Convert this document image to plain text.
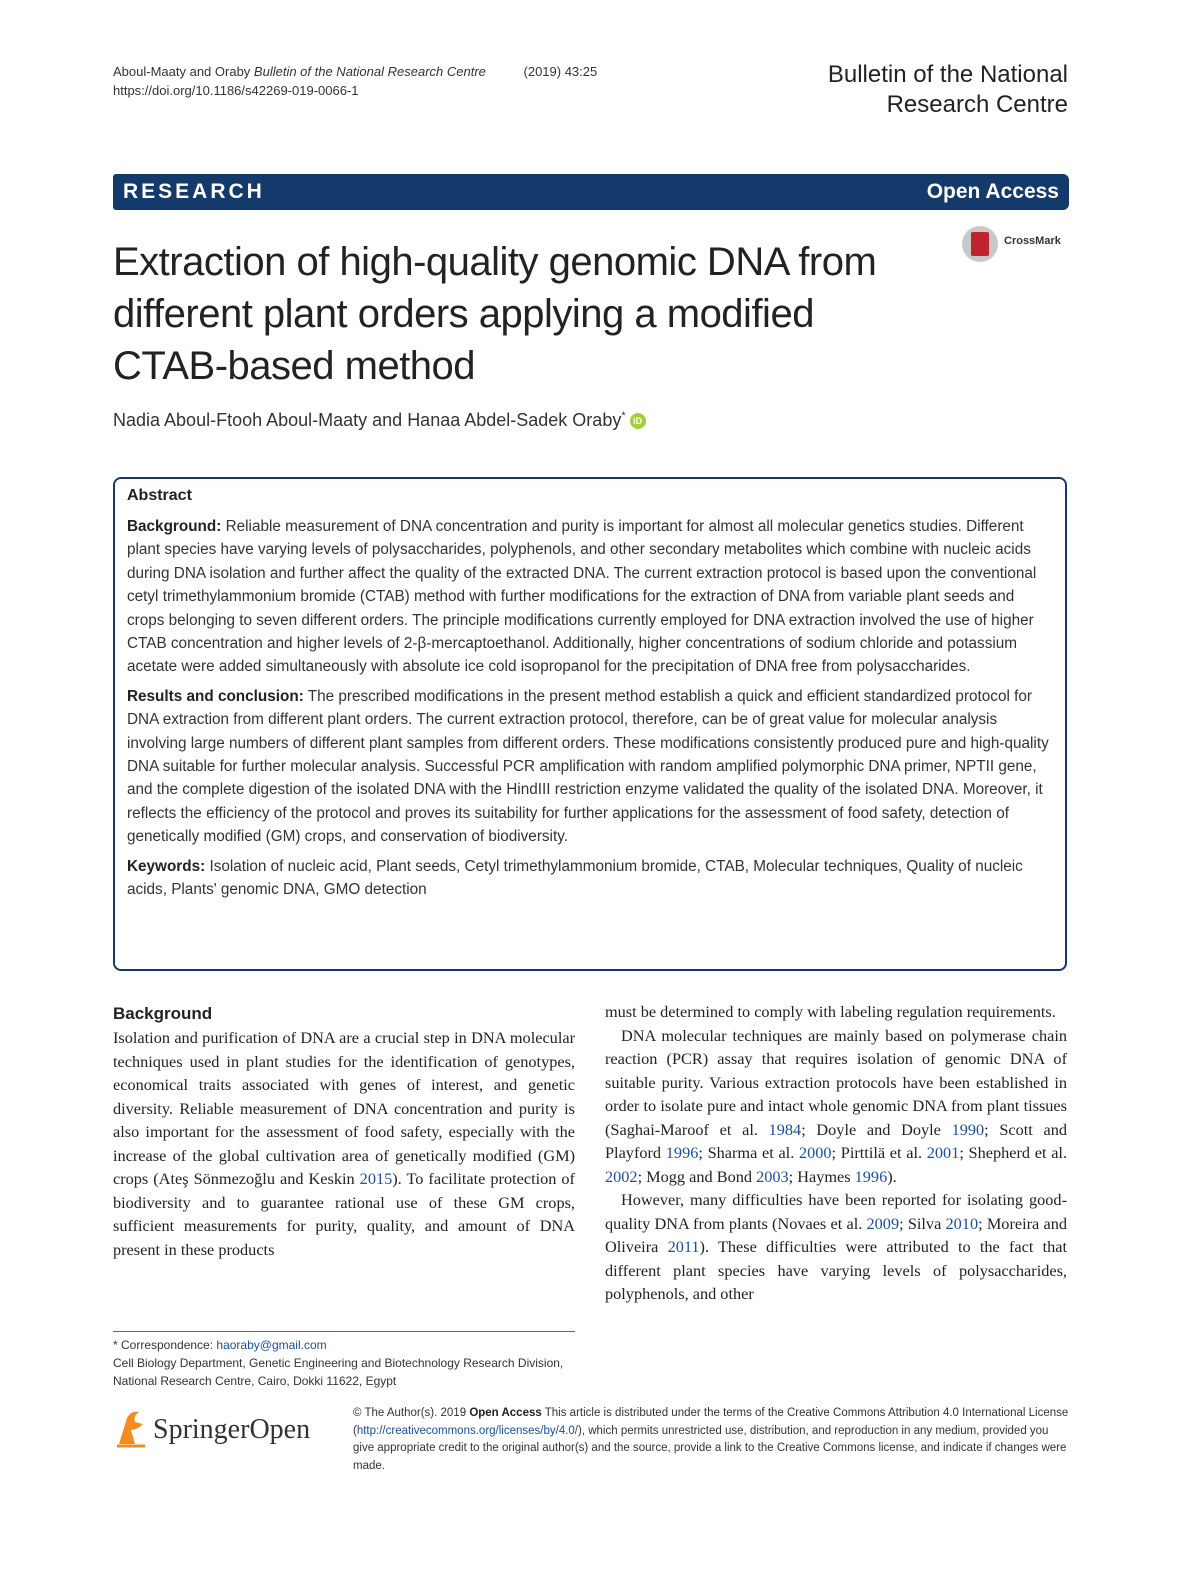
Aboul-Maaty and Oraby Bulletin of the National Research Centre	(2019) 43:25
https://doi.org/10.1186/s42269-019-0066-1
Bulletin of the National
Research Centre
RESEARCH	Open Access
Extraction of high-quality genomic DNA from different plant orders applying a modified CTAB-based method
CrossMark
Nadia Aboul-Ftooh Aboul-Maaty and Hanaa Abdel-Sadek Oraby* iD
Abstract

Background: Reliable measurement of DNA concentration and purity is important for almost all molecular genetics studies. Different plant species have varying levels of polysaccharides, polyphenols, and other secondary metabolites which combine with nucleic acids during DNA isolation and further affect the quality of the extracted DNA. The current extraction protocol is based upon the conventional cetyl trimethylammonium bromide (CTAB) method with further modifications for the extraction of DNA from variable plant seeds and crops belonging to seven different orders. The principle modifications currently employed for DNA extraction involved the use of higher CTAB concentration and higher levels of 2-β-mercaptoethanol. Additionally, higher concentrations of sodium chloride and potassium acetate were added simultaneously with absolute ice cold isopropanol for the precipitation of DNA free from polysaccharides.

Results and conclusion: The prescribed modifications in the present method establish a quick and efficient standardized protocol for DNA extraction from different plant orders. The current extraction protocol, therefore, can be of great value for molecular analysis involving large numbers of different plant samples from different orders. These modifications consistently produced pure and high-quality DNA suitable for further molecular analysis. Successful PCR amplification with random amplified polymorphic DNA primer, NPTII gene, and the complete digestion of the isolated DNA with the HindIII restriction enzyme validated the quality of the isolated DNA. Moreover, it reflects the efficiency of the protocol and proves its suitability for further applications for the assessment of food safety, detection of genetically modified (GM) crops, and conservation of biodiversity.

Keywords: Isolation of nucleic acid, Plant seeds, Cetyl trimethylammonium bromide, CTAB, Molecular techniques, Quality of nucleic acids, Plants' genomic DNA, GMO detection

Background

Isolation and purification of DNA are a crucial step in DNA molecular techniques used in plant studies for the identification of genotypes, economical traits associated with genes of interest, and genetic diversity. Reliable measurement of DNA concentration and purity is also important for the assessment of food safety, especially with the increase of the global cultivation area of genetically modified (GM) crops (Ateş Sönmezoğlu and Keskin 2015). To facilitate protection of biodiversity and to guarantee rational use of these GM crops, sufficient measurements for purity, quality, and amount of DNA present in these products

must be determined to comply with labeling regulation requirements.

DNA molecular techniques are mainly based on polymerase chain reaction (PCR) assay that requires isolation of genomic DNA of suitable purity. Various extraction protocols have been established in order to isolate pure and intact whole genomic DNA from plant tissues (Saghai-Maroof et al. 1984; Doyle and Doyle 1990; Scott and Playford 1996; Sharma et al. 2000; Pirttilä et al. 2001; Shepherd et al. 2002; Mogg and Bond 2003; Haymes 1996).

However, many difficulties have been reported for isolating good-quality DNA from plants (Novaes et al. 2009; Silva 2010; Moreira and Oliveira 2011). These difficulties were attributed to the fact that different plant species have varying levels of polysaccharides, polyphenols, and other

* Correspondence: haoraby@gmail.com
Cell Biology Department, Genetic Engineering and Biotechnology Research Division, National Research Centre, Cairo, Dokki 11622, Egypt
SpringerOpen
© The Author(s). 2019 Open Access This article is distributed under the terms of the Creative Commons Attribution 4.0 International License (http://creativecommons.org/licenses/by/4.0/), which permits unrestricted use, distribution, and reproduction in any medium, provided you give appropriate credit to the original author(s) and the source, provide a link to the Creative Commons license, and indicate if changes were made.
